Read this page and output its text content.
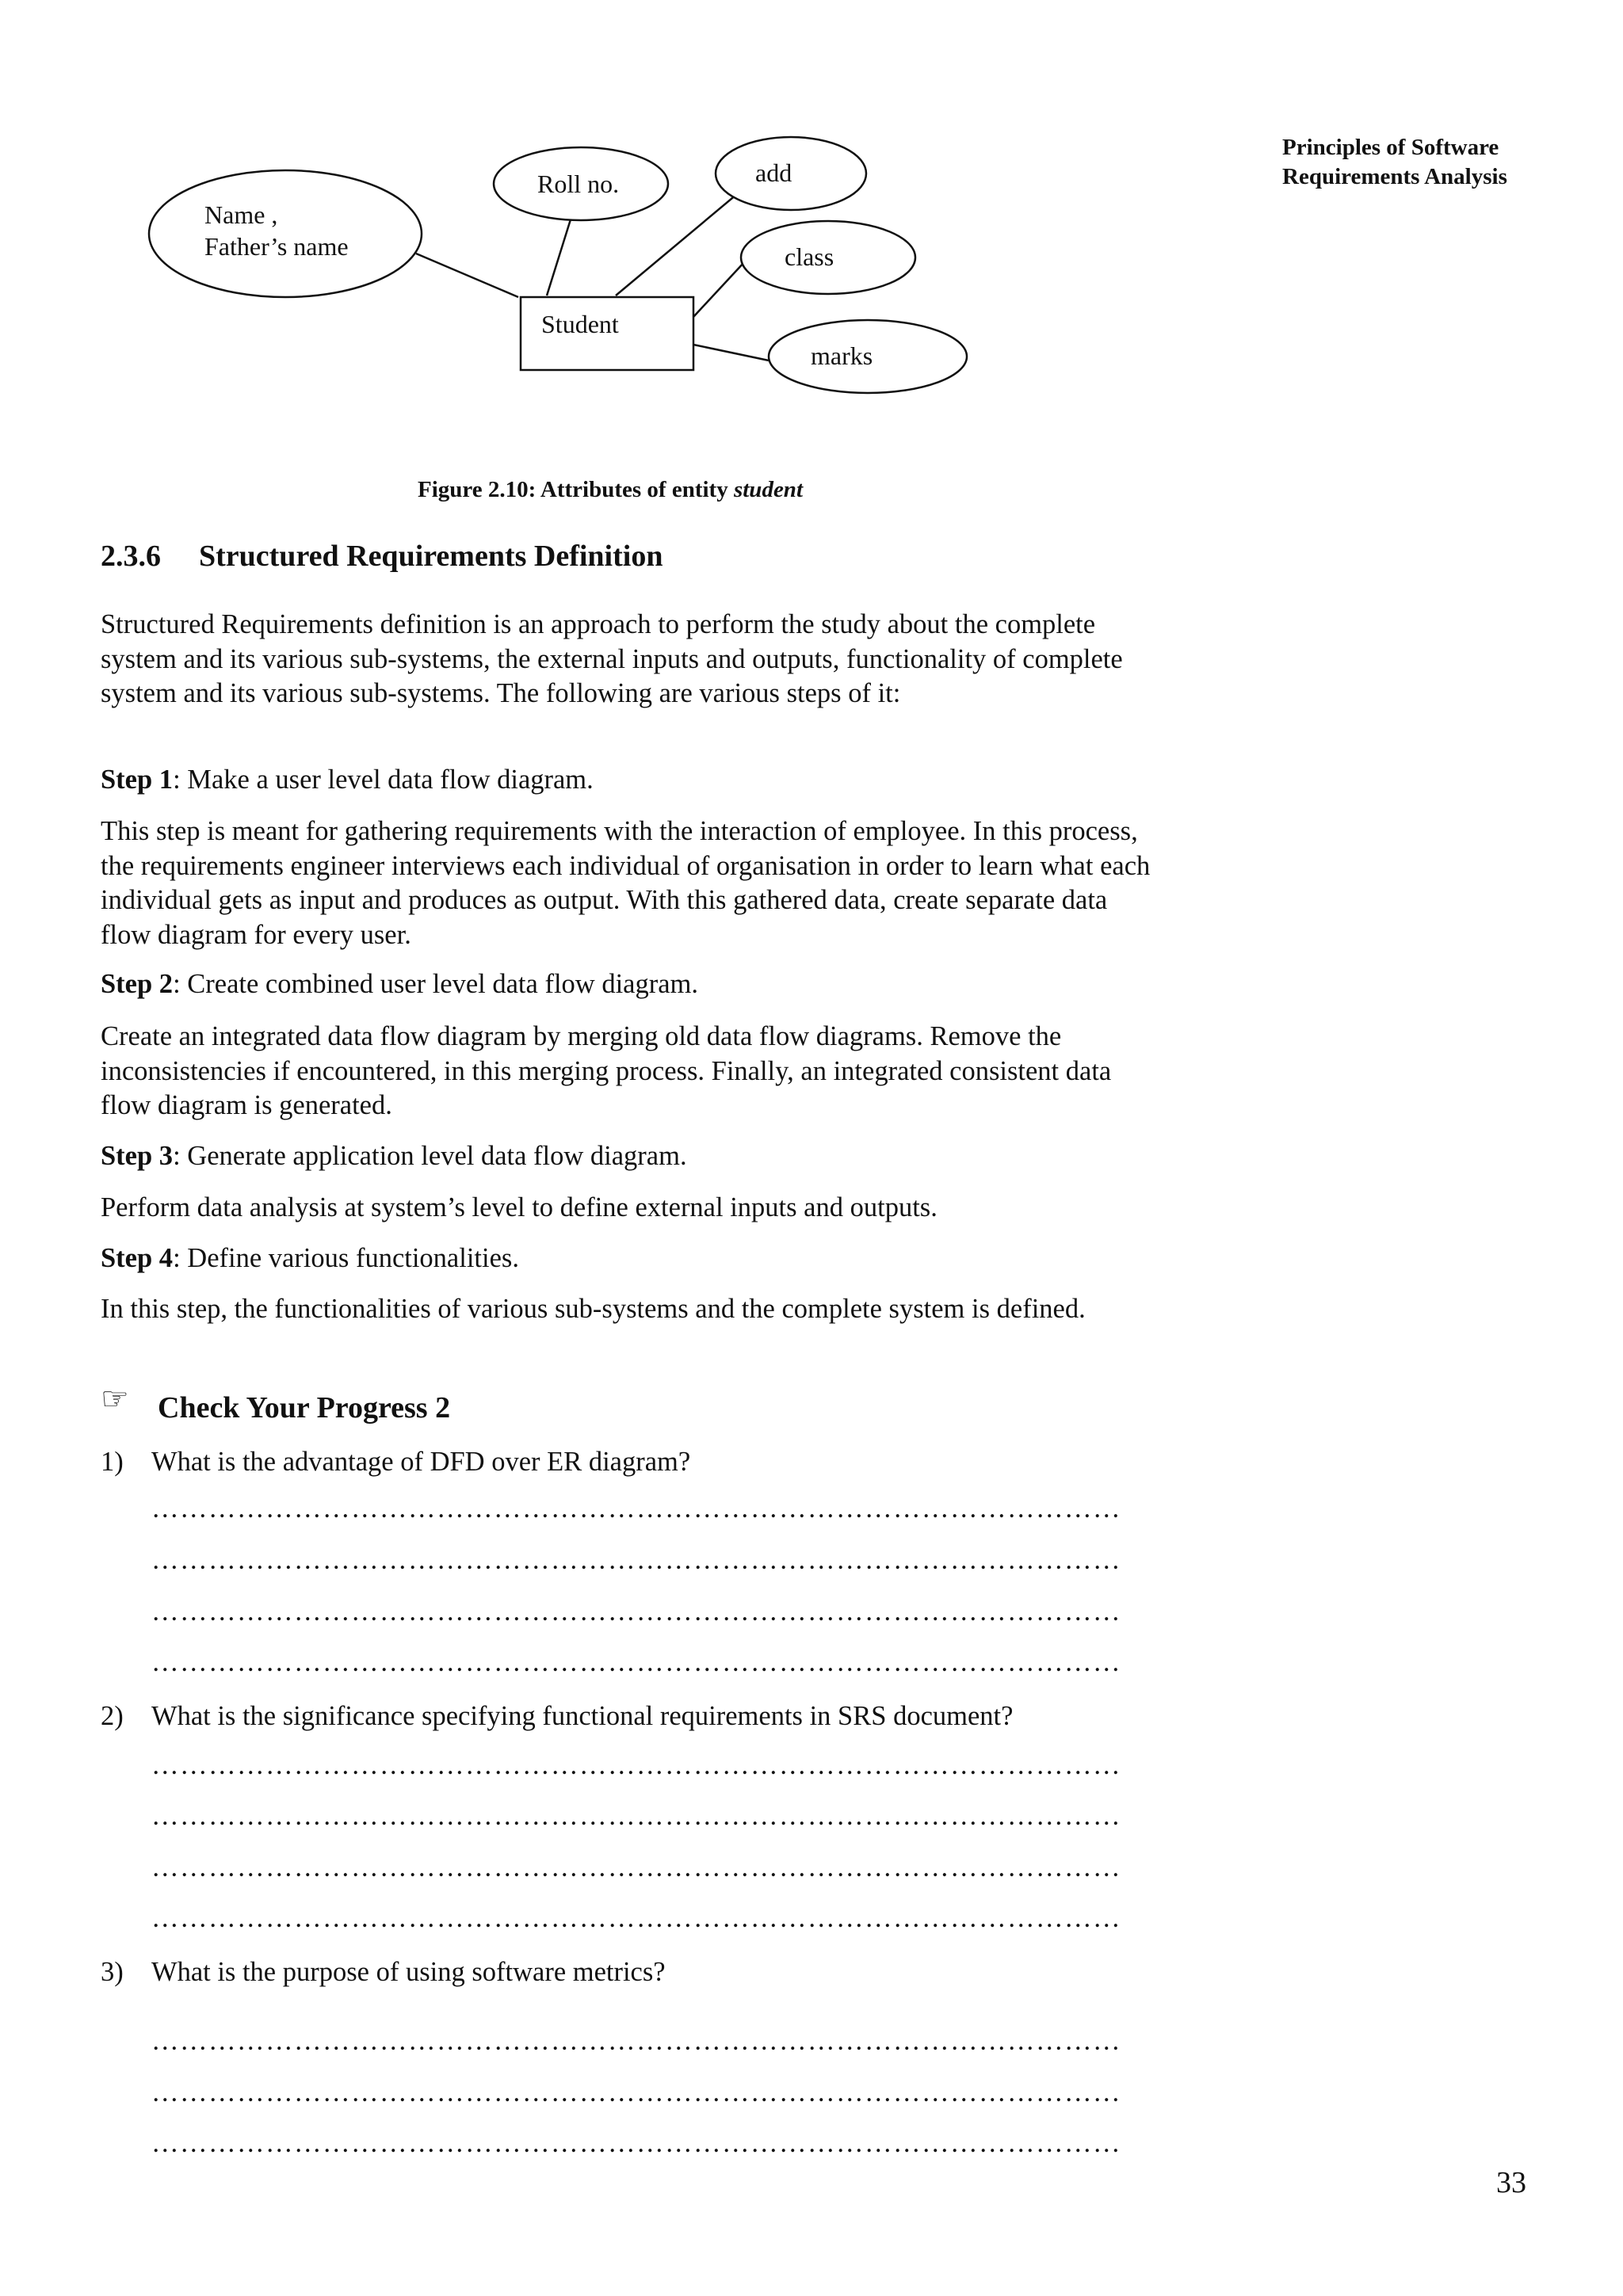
Principles of Software
Requirements Analysis
Name ,
Father’s name
Roll no.	add
class
marks
Student
Figure 2.10: Attributes of entity student
2.3.6 Structured Requirements Definition

Structured Requirements definition is an approach to perform the study about the complete system and its various sub-systems, the external inputs and outputs, functionality of complete system and its various sub-systems. The following are various steps of it:

Step 1: Make a user level data flow diagram.

This step is meant for gathering requirements with the interaction of employee. In this process, the requirements engineer interviews each individual of organisation in order to learn what each individual gets as input and produces as output. With this gathered data, create separate data flow diagram for every user.

Step 2: Create combined user level data flow diagram.

Create an integrated data flow diagram by merging old data flow diagrams. Remove the inconsistencies if encountered, in this merging process. Finally, an integrated consistent data flow diagram is generated.

Step 3: Generate application level data flow diagram.

Perform data analysis at system’s level to define external inputs and outputs.

Step 4: Define various functionalities.

In this step, the functionalities of various sub-systems and the complete system is defined.

☞ Check Your Progress 2
1) What is the advantage of DFD over ER diagram?
…………………………………………………………………………………………
…………………………………………………………………………………………
…………………………………………………………………………………………
…………………………………………………………………………………………
2) What is the significance specifying functional requirements in SRS document?
…………………………………………………………………………………………
…………………………………………………………………………………………
…………………………………………………………………………………………
…………………………………………………………………………………………
3) What is the purpose of using software metrics?
…………………………………………………………………………………………
…………………………………………………………………………………………
…………………………………………………………………………………………
33
